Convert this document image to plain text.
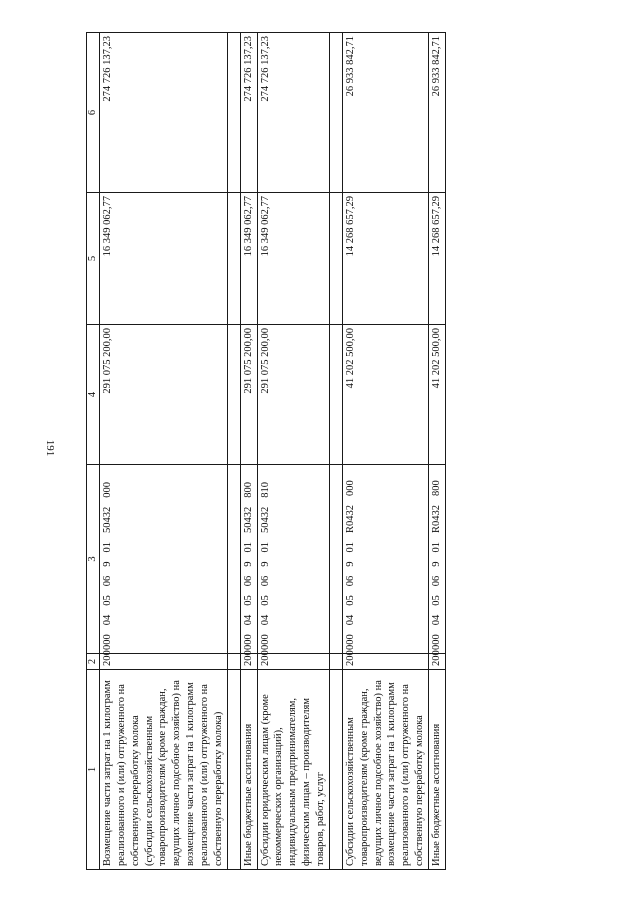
191
1	2	3	4	5	6
Возмещение части затрат на 1 килограмм реализованного и (или) отгруженного на собственную переработку молока (субсидии сельскохозяйственным товаропроизводителям (кроме граждан, ведущих личное подсобное хозяйство) на возмещение части затрат на 1 килограмм реализованного и (или) отгруженного на собственную переработку молока)	200	00004050690150432000	291 075 200,00	16 349 062,77	274 726 137,23

Иные бюджетные ассигнования	200	00004050690150432800	291 075 200,00	16 349 062,77	274 726 137,23
Субсидии юридическим лицам (кроме некоммерческих организаций), индивидуальным предпринимателям, физическим лицам – производителям товаров, работ, услуг	200	00004050690150432810	291 075 200,00	16 349 062,77	274 726 137,23

Субсидии сельскохозяйственным товаропроизводителям (кроме граждан, ведущих личное подсобное хозяйство) на возмещение части затрат на 1 килограмм реализованного и (или) отгруженного на собственную переработку молока	200	000040506901R0432000	41 202 500,00	14 268 657,29	26 933 842,71
Иные бюджетные ассигнования	200	000040506901R0432800	41 202 500,00	14 268 657,29	26 933 842,71
